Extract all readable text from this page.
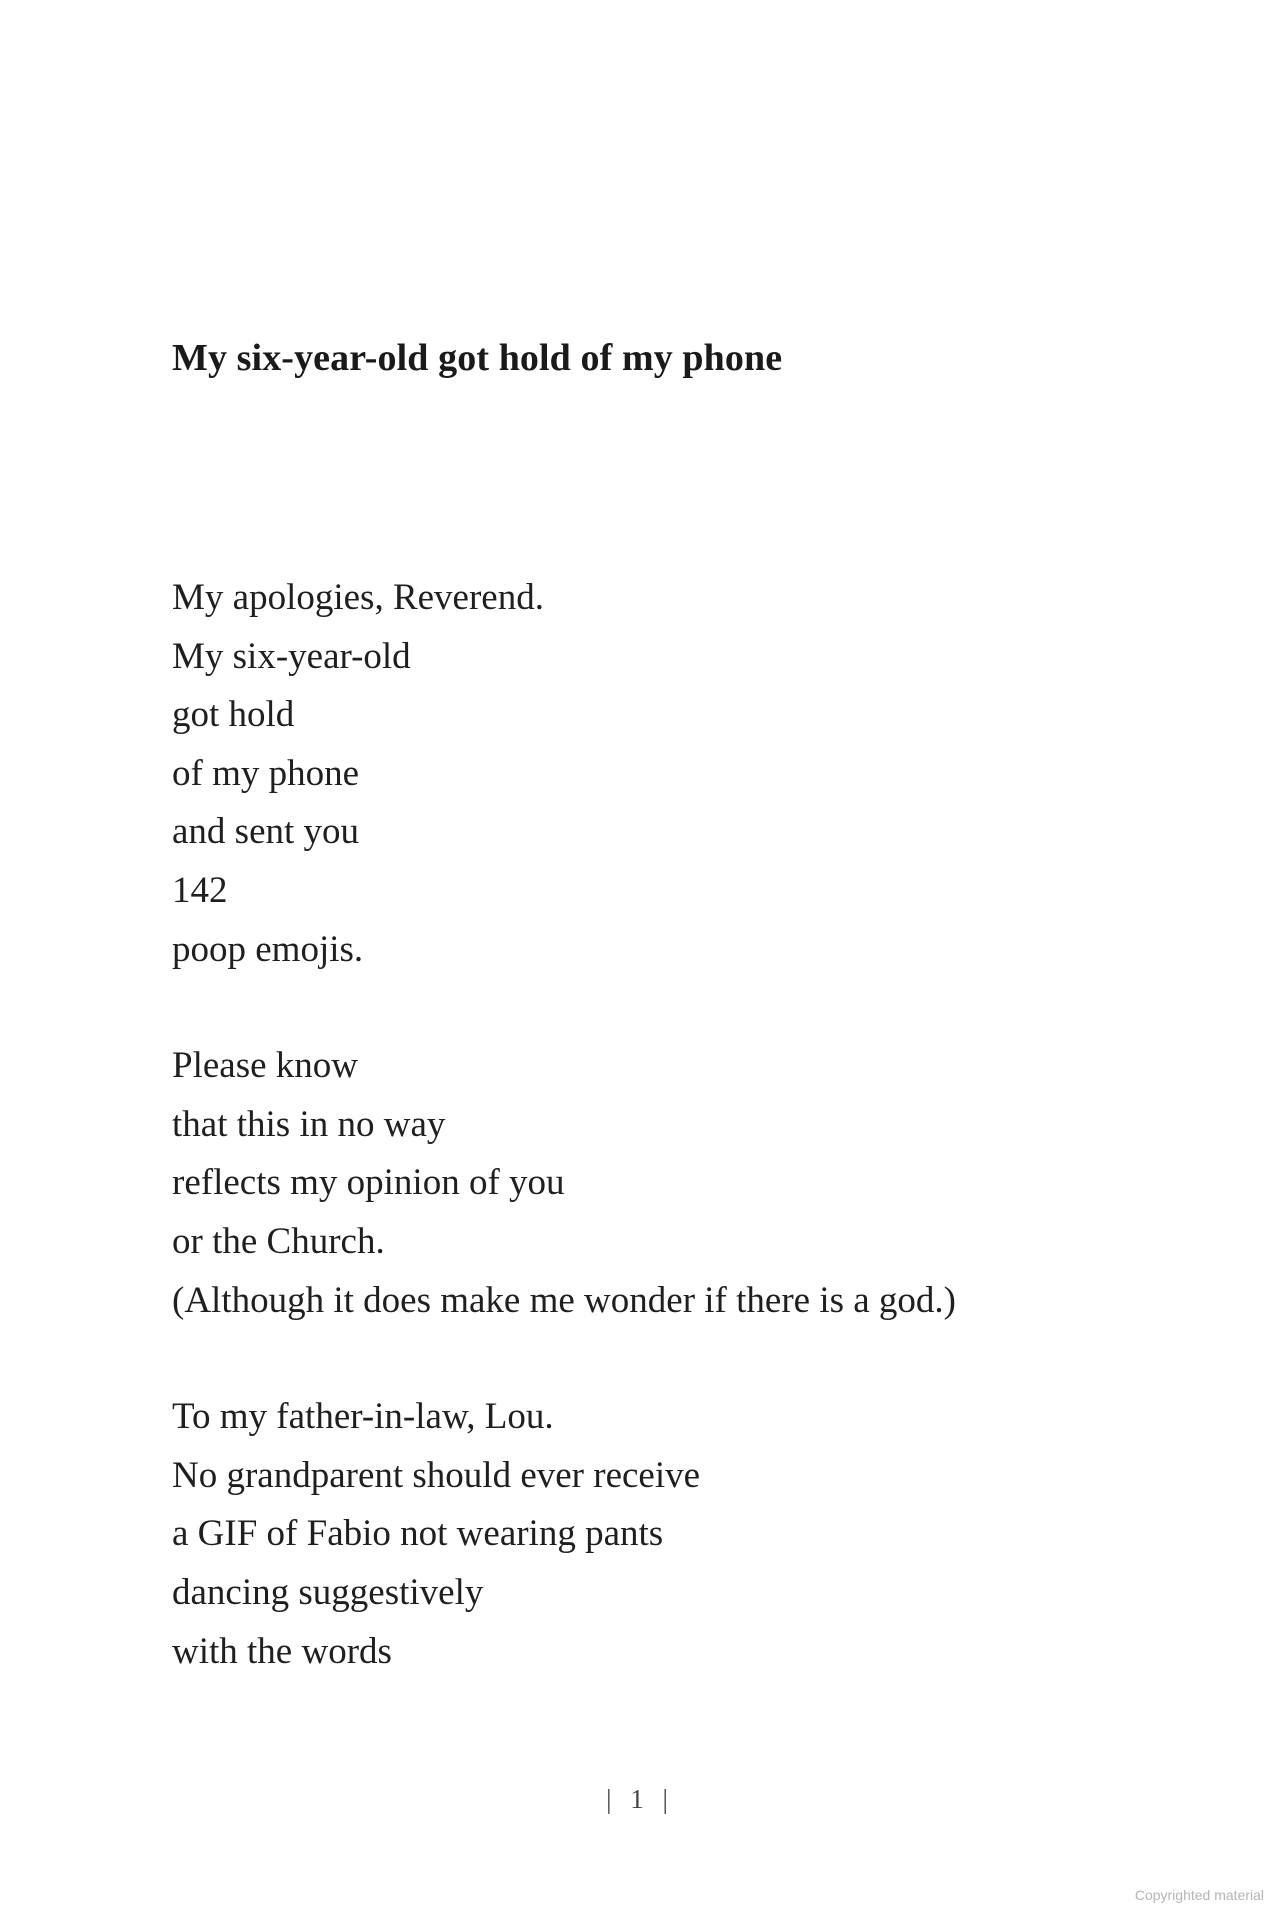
My six-year-old got hold of my phone
My apologies, Reverend.
My six-year-old
got hold
of my phone
and sent you
142
poop emojis.
Please know
that this in no way
reflects my opinion of you
or the Church.
(Although it does make me wonder if there is a god.)
To my father-in-law, Lou.
No grandparent should ever receive
a GIF of Fabio not wearing pants
dancing suggestively
with the words
| 1 |
Copyrighted material
